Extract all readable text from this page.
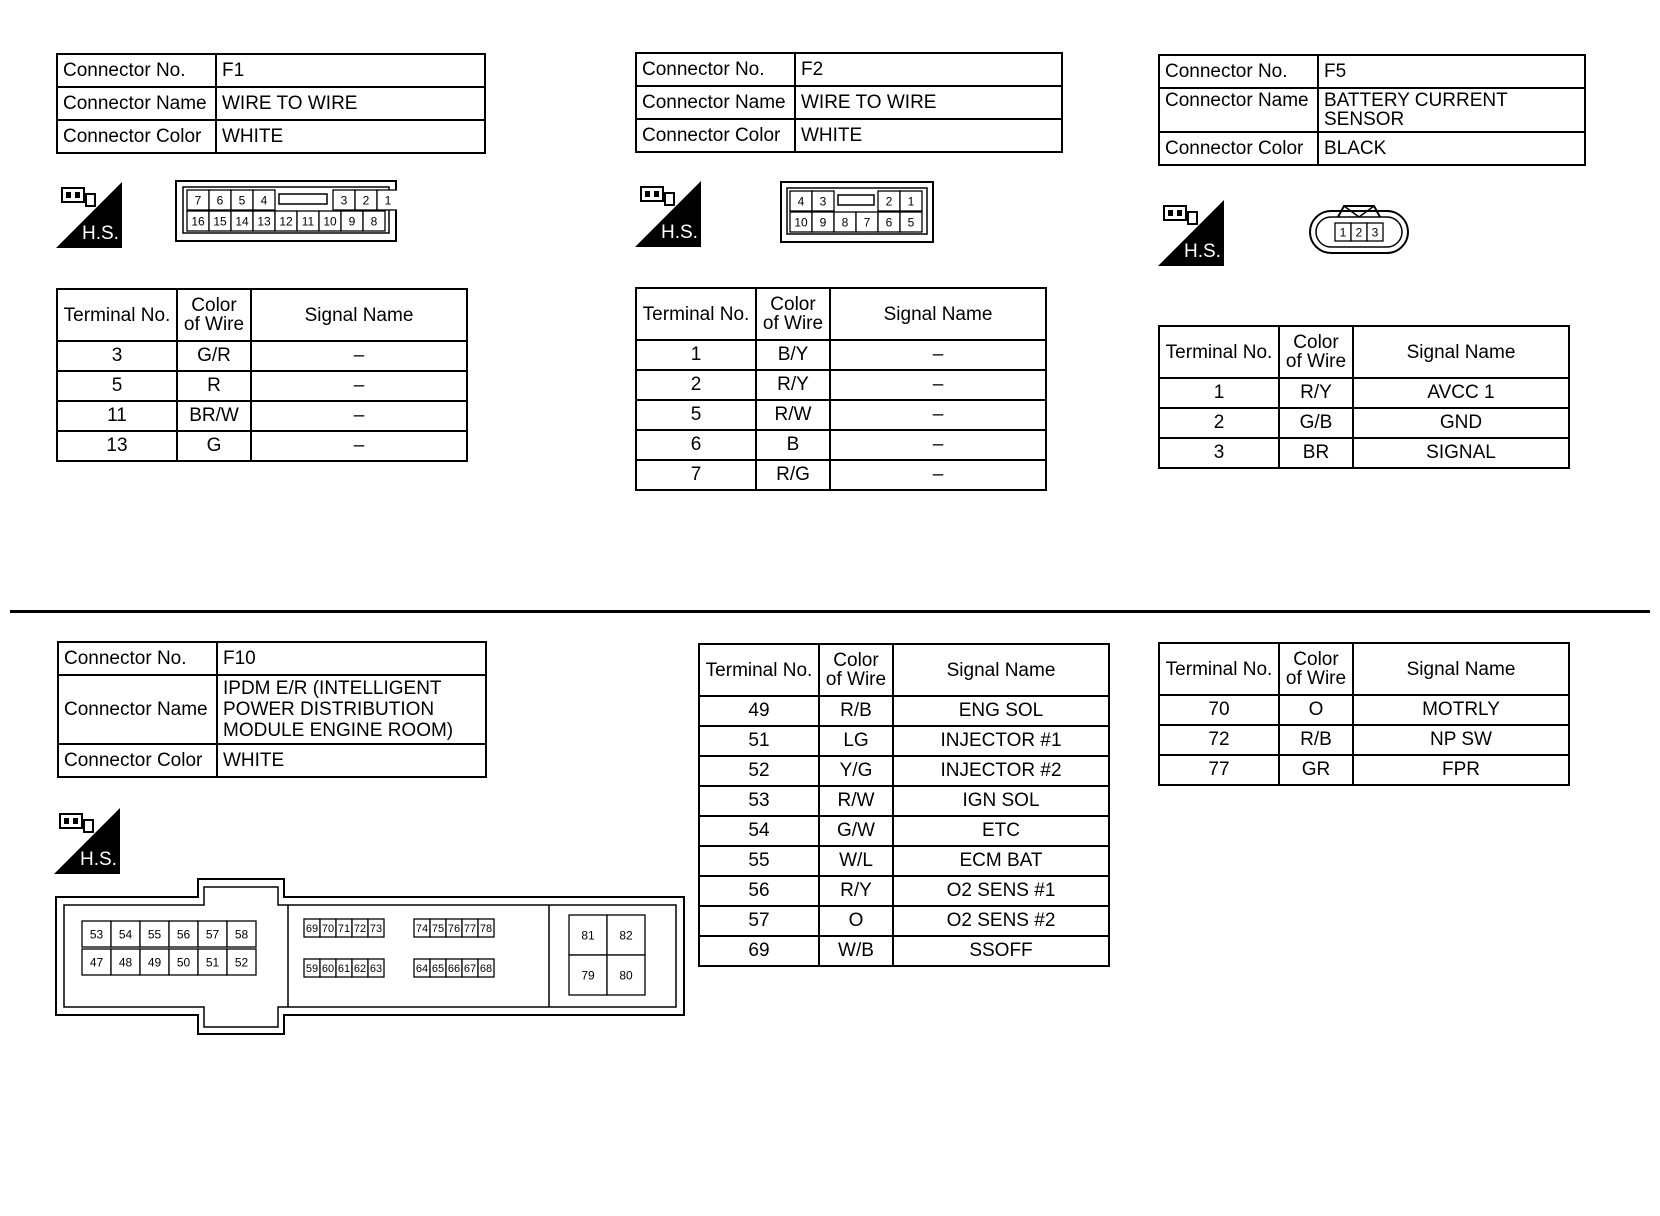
Connector No.	F1
Connector Name	WIRE TO WIRE
Connector Color	WHITE
H.S.
7 6 5 4	3 2 1
16 15 14 13 12 11 10 9 8
Terminal No.	Color of Wire	Signal Name
3	G/R	–
5	R	–
11	BR/W	–
13	G	–
Connector No.	F2
Connector Name	WIRE TO WIRE
Connector Color	WHITE
H.S.
4 3	2 1
10 9 8 7 6 5
Terminal No.	Color of Wire	Signal Name
1	B/Y	–
2	R/Y	–
5	R/W	–
6	B	–
7	R/G	–
Connector No.	F5
Connector Name	BATTERY CURRENT
SENSOR
Connector Color	BLACK
H.S.
1 2 3
Terminal No.	Color of Wire	Signal Name
1	R/Y	AVCC 1
2	G/B	GND
3	BR	SIGNAL
Connector No.	F10
Connector Name	IPDM E/R (INTELLIGENT
POWER DISTRIBUTION
MODULE ENGINE ROOM)
Connector Color	WHITE
H.S.
53 54 55 56 57 58
47 48 49 50 51 52
69 70 71 72 73
59 60 61 62 63
74 75 76 77 78
64 65 66 67 68
81 82
79 80
Terminal No.	Color of Wire	Signal Name
49	R/B	ENG SOL
51	LG	INJECTOR #1
52	Y/G	INJECTOR #2
53	R/W	IGN SOL
54	G/W	ETC
55	W/L	ECM BAT
56	R/Y	O2 SENS #1
57	O	O2 SENS #2
69	W/B	SSOFF
Terminal No.	Color of Wire	Signal Name
70	O	MOTRLY
72	R/B	NP SW
77	GR	FPR
